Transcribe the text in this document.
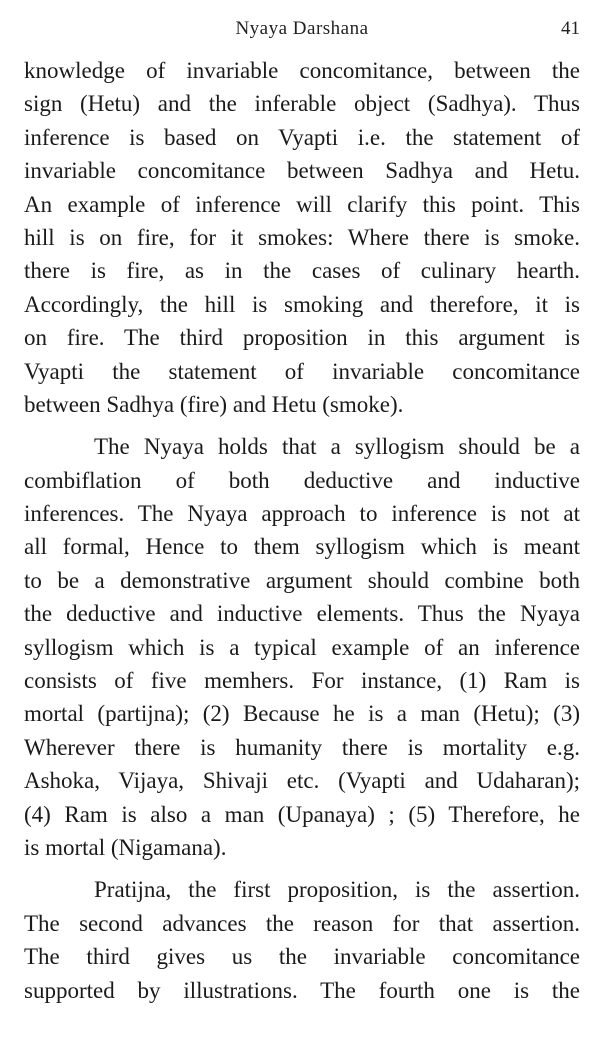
Nyaya Darshana	41
knowledge of invariable concomitance, between the
sign (Hetu) and the inferable object (Sadhya). Thus
inference is based on Vyapti i.e. the statement of
invariable concomitance between Sadhya and Hetu.
An example of inference will clarify this point. This
hill is on fire, for it smokes: Where there is smoke.
there is fire, as in the cases of culinary hearth.
Accordingly, the hill is smoking and therefore, it is
on fire. The third proposition in this argument is
Vyapti the statement of invariable concomitance
between Sadhya (fire) and Hetu (smoke).
The Nyaya holds that a syllogism should be a
combiflation of both deductive and inductive
inferences. The Nyaya approach to inference is not at
all formal, Hence to them syllogism which is meant
to be a demonstrative argument should combine both
the deductive and inductive elements. Thus the Nyaya
syllogism which is a typical example of an inference
consists of five memhers. For instance, (1) Ram is
mortal (partijna); (2) Because he is a man (Hetu); (3)
Wherever there is humanity there is mortality e.g.
Ashoka, Vijaya, Shivaji etc. (Vyapti and Udaharan);
(4) Ram is also a man (Upanaya) ; (5) Therefore, he
is mortal (Nigamana).
Pratijna, the first proposition, is the assertion.
The second advances the reason for that assertion.
The third gives us the invariable concomitance
supported by illustrations. The fourth one is the
